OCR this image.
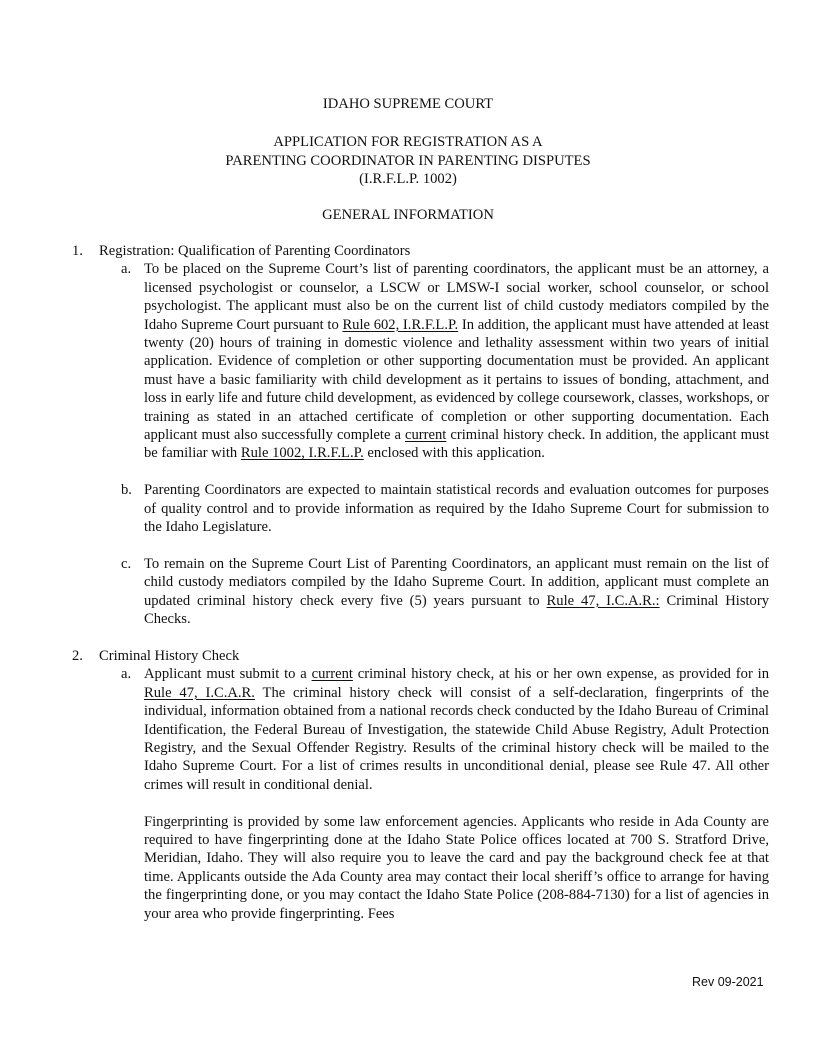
IDAHO SUPREME COURT
APPLICATION FOR REGISTRATION AS A
PARENTING COORDINATOR IN PARENTING DISPUTES
(I.R.F.L.P. 1002)
GENERAL INFORMATION
1. Registration: Qualification of Parenting Coordinators
a. To be placed on the Supreme Court’s list of parenting coordinators, the applicant must be an attorney, a licensed psychologist or counselor, a LSCW or LMSW-I social worker, school counselor, or school psychologist. The applicant must also be on the current list of child custody mediators compiled by the Idaho Supreme Court pursuant to Rule 602, I.R.F.L.P. In addition, the applicant must have attended at least twenty (20) hours of training in domestic violence and lethality assessment within two years of initial application. Evidence of completion or other supporting documentation must be provided. An applicant must have a basic familiarity with child development as it pertains to issues of bonding, attachment, and loss in early life and future child development, as evidenced by college coursework, classes, workshops, or training as stated in an attached certificate of completion or other supporting documentation. Each applicant must also successfully complete a current criminal history check. In addition, the applicant must be familiar with Rule 1002, I.R.F.L.P. enclosed with this application.
b. Parenting Coordinators are expected to maintain statistical records and evaluation outcomes for purposes of quality control and to provide information as required by the Idaho Supreme Court for submission to the Idaho Legislature.
c. To remain on the Supreme Court List of Parenting Coordinators, an applicant must remain on the list of child custody mediators compiled by the Idaho Supreme Court. In addition, applicant must complete an updated criminal history check every five (5) years pursuant to Rule 47, I.C.A.R.: Criminal History Checks.
2. Criminal History Check
a. Applicant must submit to a current criminal history check, at his or her own expense, as provided for in Rule 47, I.C.A.R. The criminal history check will consist of a self-declaration, fingerprints of the individual, information obtained from a national records check conducted by the Idaho Bureau of Criminal Identification, the Federal Bureau of Investigation, the statewide Child Abuse Registry, Adult Protection Registry, and the Sexual Offender Registry. Results of the criminal history check will be mailed to the Idaho Supreme Court. For a list of crimes results in unconditional denial, please see Rule 47. All other crimes will result in conditional denial.
Fingerprinting is provided by some law enforcement agencies. Applicants who reside in Ada County are required to have fingerprinting done at the Idaho State Police offices located at 700 S. Stratford Drive, Meridian, Idaho. They will also require you to leave the card and pay the background check fee at that time. Applicants outside the Ada County area may contact their local sheriff’s office to arrange for having the fingerprinting done, or you may contact the Idaho State Police (208-884-7130) for a list of agencies in your area who provide fingerprinting. Fees
Rev 09-2021
